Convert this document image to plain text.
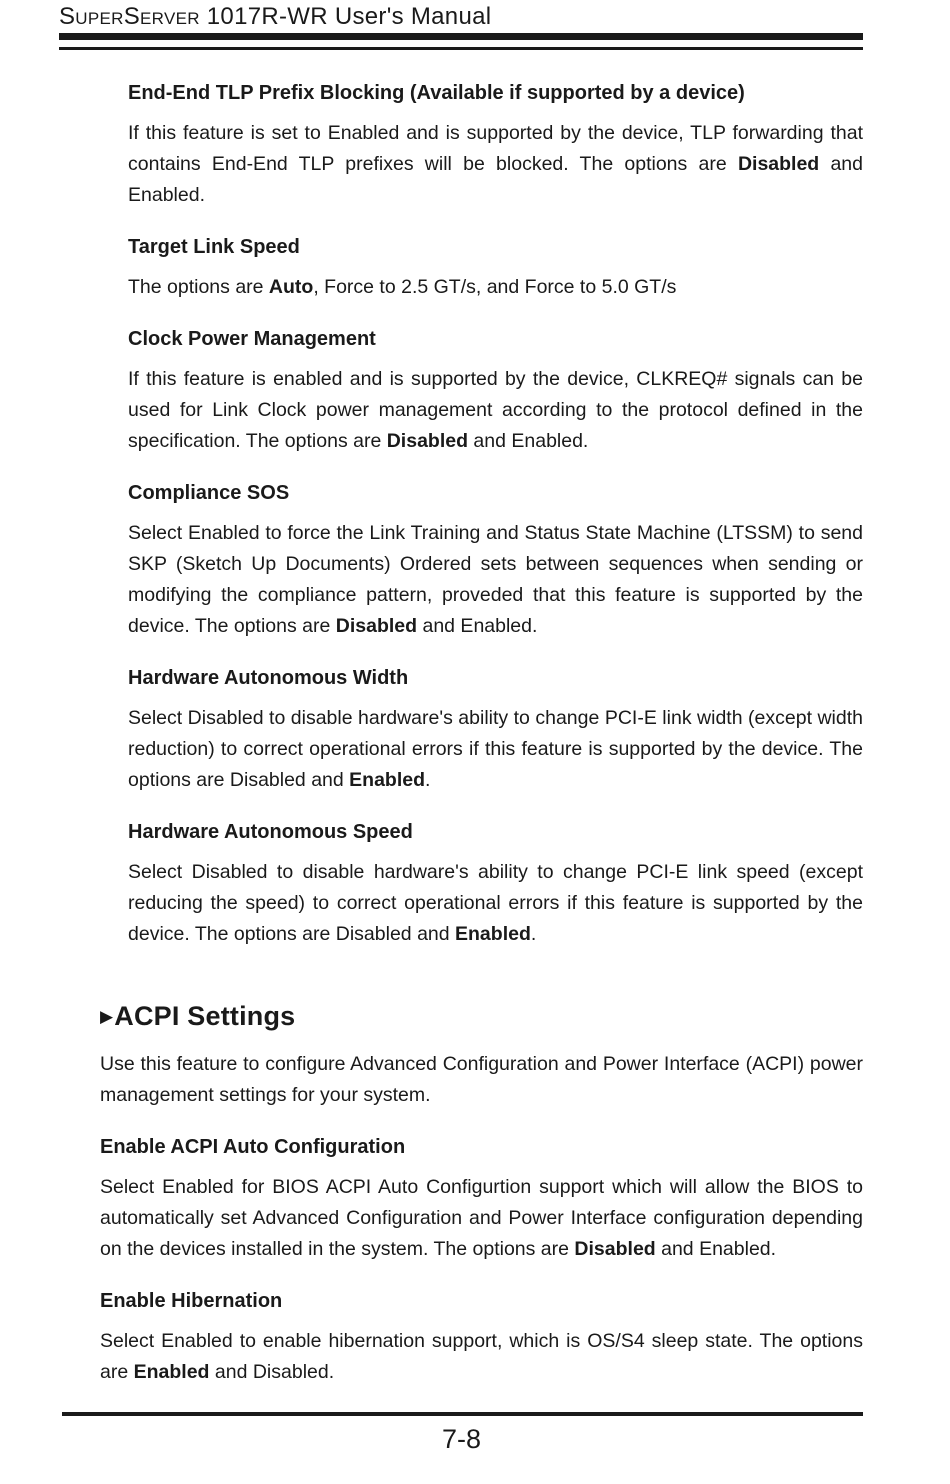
SuperServer 1017R-WR User's Manual
End-End TLP Prefix Blocking (Available if supported by a device)

If this feature is set to Enabled and is supported by the device, TLP forwarding that contains End-End TLP prefixes will be blocked. The options are Disabled and Enabled.

Target Link Speed

The options are Auto, Force to 2.5 GT/s, and Force to 5.0 GT/s

Clock Power Management

If this feature is enabled and is supported by the device, CLKREQ# signals can be used for Link Clock power management according to the protocol defined in the specification. The options are Disabled and Enabled.

Compliance SOS

Select Enabled to force the Link Training and Status State Machine (LTSSM) to send SKP (Sketch Up Documents) Ordered sets between sequences when sending or modifying the compliance pattern, proveded that this feature is supported by the device. The options are Disabled and Enabled.

Hardware Autonomous Width

Select Disabled to disable hardware's ability to change PCI-E link width (except width reduction) to correct operational errors if this feature is supported by the device. The options are Disabled and Enabled.

Hardware Autonomous Speed

Select Disabled to disable hardware's ability to change PCI-E link speed (except reducing the speed) to correct operational errors if this feature is supported by the device. The options are Disabled and Enabled.

▶ACPI Settings

Use this feature to configure Advanced Configuration and Power Interface (ACPI) power management settings for your system.

Enable ACPI Auto Configuration

Select Enabled for BIOS ACPI Auto Configurtion support which will allow the BIOS to automatically set Advanced Configuration and Power Interface configuration depending on the devices installed in the system. The options are Disabled and Enabled.

Enable Hibernation

Select Enabled to enable hibernation support, which is OS/S4 sleep state. The options are Enabled and Disabled.

7-8
